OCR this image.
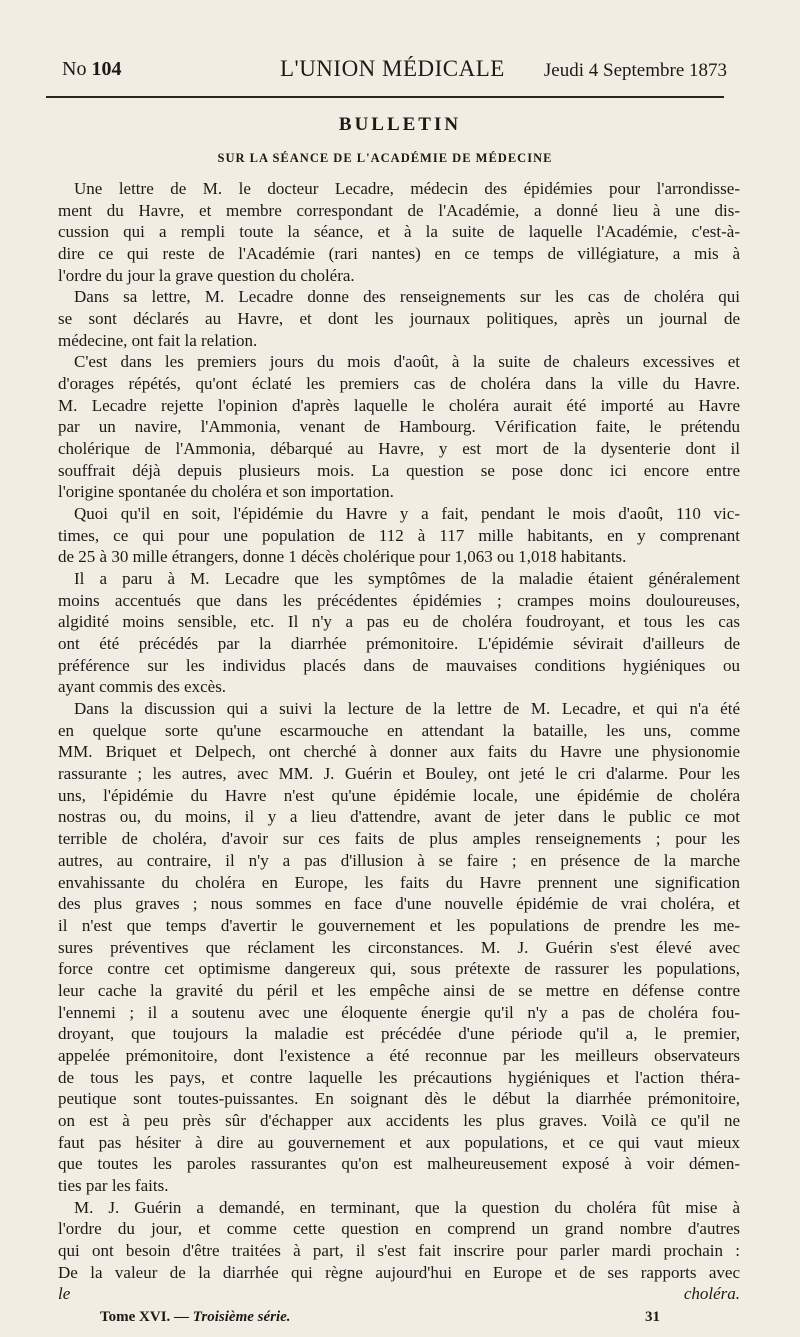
No 104	L'UNION MÉDICALE Jeudi 4 Septembre 1873
BULLETIN
SUR LA SÉANCE DE L'ACADÉMIE DE MÉDECINE
Une lettre de M. le docteur Lecadre, médecin des épidémies pour l'arrondisse-
ment du Havre, et membre correspondant de l'Académie, a donné lieu à une dis-
cussion qui a rempli toute la séance, et à la suite de laquelle l'Académie, c'est-à-
dire ce qui reste de l'Académie (rari nantes) en ce temps de villégiature, a mis à
l'ordre du jour la grave question du choléra.
Dans sa lettre, M. Lecadre donne des renseignements sur les cas de choléra qui
se sont déclarés au Havre, et dont les journaux politiques, après un journal de
médecine, ont fait la relation.
C'est dans les premiers jours du mois d'août, à la suite de chaleurs excessives et
d'orages répétés, qu'ont éclaté les premiers cas de choléra dans la ville du Havre.
M. Lecadre rejette l'opinion d'après laquelle le choléra aurait été importé au Havre
par un navire, l'Ammonia, venant de Hambourg. Vérification faite, le prétendu
cholérique de l'Ammonia, débarqué au Havre, y est mort de la dysenterie dont il
souffrait déjà depuis plusieurs mois. La question se pose donc ici encore entre
l'origine spontanée du choléra et son importation.
Quoi qu'il en soit, l'épidémie du Havre y a fait, pendant le mois d'août, 110 vic-
times, ce qui pour une population de 112 à 117 mille habitants, en y comprenant
de 25 à 30 mille étrangers, donne 1 décès cholérique pour 1,063 ou 1,018 habitants.
Il a paru à M. Lecadre que les symptômes de la maladie étaient généralement
moins accentués que dans les précédentes épidémies ; crampes moins douloureuses,
algidité moins sensible, etc. Il n'y a pas eu de choléra foudroyant, et tous les cas
ont été précédés par la diarrhée prémonitoire. L'épidémie sévirait d'ailleurs de
préférence sur les individus placés dans de mauvaises conditions hygiéniques ou
ayant commis des excès.
Dans la discussion qui a suivi la lecture de la lettre de M. Lecadre, et qui n'a été
en quelque sorte qu'une escarmouche en attendant la bataille, les uns, comme
MM. Briquet et Delpech, ont cherché à donner aux faits du Havre une physionomie
rassurante ; les autres, avec MM. J. Guérin et Bouley, ont jeté le cri d'alarme. Pour les
uns, l'épidémie du Havre n'est qu'une épidémie locale, une épidémie de choléra
nostras ou, du moins, il y a lieu d'attendre, avant de jeter dans le public ce mot
terrible de choléra, d'avoir sur ces faits de plus amples renseignements ; pour les
autres, au contraire, il n'y a pas d'illusion à se faire ; en présence de la marche
envahissante du choléra en Europe, les faits du Havre prennent une signification
des plus graves ; nous sommes en face d'une nouvelle épidémie de vrai choléra, et
il n'est que temps d'avertir le gouvernement et les populations de prendre les me-
sures préventives que réclament les circonstances. M. J. Guérin s'est élevé avec
force contre cet optimisme dangereux qui, sous prétexte de rassurer les populations,
leur cache la gravité du péril et les empêche ainsi de se mettre en défense contre
l'ennemi ; il a soutenu avec une éloquente énergie qu'il n'y a pas de choléra fou-
droyant, que toujours la maladie est précédée d'une période qu'il a, le premier,
appelée prémonitoire, dont l'existence a été reconnue par les meilleurs observateurs
de tous les pays, et contre laquelle les précautions hygiéniques et l'action théra-
peutique sont toutes-puissantes. En soignant dès le début la diarrhée prémonitoire,
on est à peu près sûr d'échapper aux accidents les plus graves. Voilà ce qu'il ne
faut pas hésiter à dire au gouvernement et aux populations, et ce qui vaut mieux
que toutes les paroles rassurantes qu'on est malheureusement exposé à voir démen-
ties par les faits.
M. J. Guérin a demandé, en terminant, que la question du choléra fût mise à
l'ordre du jour, et comme cette question en comprend un grand nombre d'autres
qui ont besoin d'être traitées à part, il s'est fait inscrire pour parler mardi prochain :
De la valeur de la diarrhée qui règne aujourd'hui en Europe et de ses rapports avec
le choléra.
Tome XVI. — Troisième série.	31
